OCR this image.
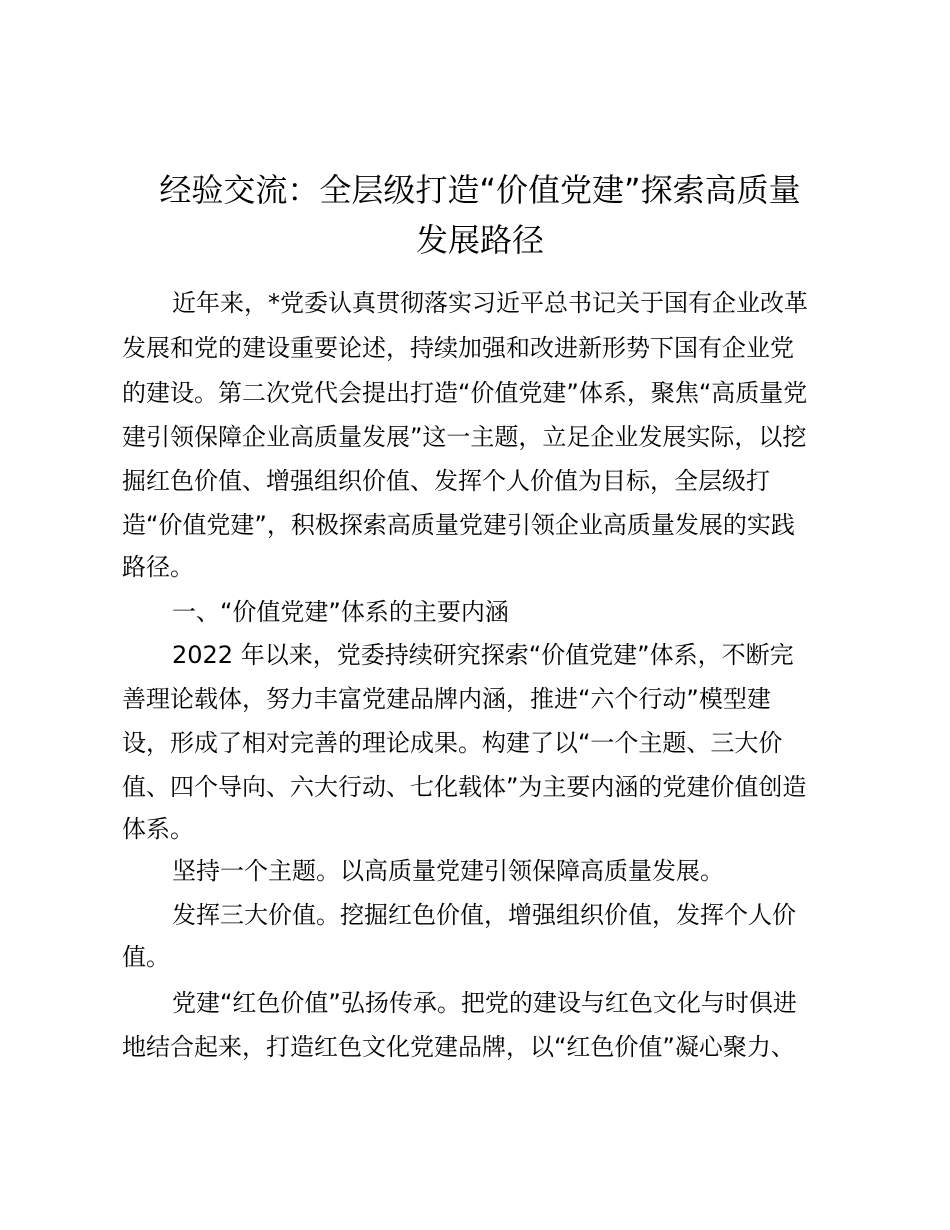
经验交流：全层级打造“价值党建”探索高质量
发展路径
近年来，*党委认真贯彻落实习近平总书记关于国有企业改革
发展和党的建设重要论述，持续加强和改进新形势下国有企业党
的建设。第二次党代会提出打造“价值党建”体系，聚焦“高质量党
建引领保障企业高质量发展”这一主题，立足企业发展实际，以挖
掘红色价值、增强组织价值、发挥个人价值为目标，全层级打
造“价值党建”，积极探索高质量党建引领企业高质量发展的实践
路径。
一、“价值党建”体系的主要内涵
2022 年以来，党委持续研究探索“价值党建”体系，不断完
善理论载体，努力丰富党建品牌内涵，推进“六个行动”模型建
设，形成了相对完善的理论成果。构建了以“一个主题、三大价
值、四个导向、六大行动、七化载体”为主要内涵的党建价值创造
体系。
坚持一个主题。以高质量党建引领保障高质量发展。
发挥三大价值。挖掘红色价值，增强组织价值，发挥个人价
值。
党建“红色价值”弘扬传承。把党的建设与红色文化与时俱进
地结合起来，打造红色文化党建品牌，以“红色价值”凝心聚力、
